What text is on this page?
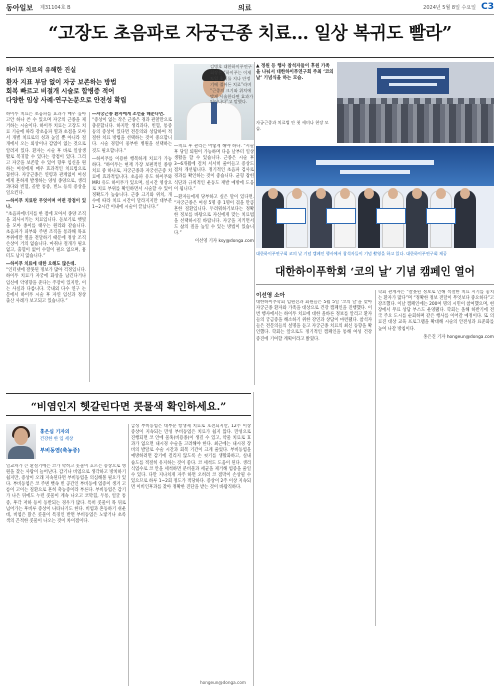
동아일보 제31104호 B	의료	2024년 5월 8일 수요일 C3
“고장도 초음파로 자궁근종 치료… 일상 복귀도 빨라”
하이푸 치료의 유해한 진실
환자 지표 부담 없이 자궁 보존하는 방법
회복 빠르고 비절개 시술로 합병증 적어
다양한 임상 사례·연구논문으로 안전성 확립

하이푸 치료는 초음파를 효과가 매우 높아 고안 하나 쓴 수 있으며 자궁의 근종을 제거하는 시술이다. 하이푸 치료는 고장도 치료 기술에 따라 강초음파 열과 초점을 모아서 개별 치료로의 성과 높일 뿐 아니라 절개에서 오는 외상이나 감염이 없는 것으로 알려져 있다. 환자는 시술 후 바로 일상생활로 복귀할 수 있다는 장점이 있다. 그리고 자궁을 보존할 수 있어 향후 임신을 원하는 여성에게 매우 효과적인 치료법으로 꼽힌다. 자궁근종은 연령과 관계없이 여성에게 흔하게 발생하는 양성 종양으로, 생리과다와 빈혈, 골반 통증, 빈뇨 등의 증상을 일으킨다.

―하이푸 치료란 무엇이며 어떤 장점이 있나.

“초음파에너지를 한 점에 모아서 종양 조직을 괴사시키는 치료입니다. 돋보기로 햇빛을 모아 종이를 태우는 원리와 같습니다. 초음파가 피부와 주변 조직을 통과해 목표 부위에만 열을 전달하기 때문에 정상 조직 손상이 거의 없습니다. 마취나 절개가 필요 없고, 출혈이 없어 수혈이 필요 없으며, 흉터도 남지 않습니다.”

―하이푸 치료에 대한 오해도 많은데.

“인터넷에 잘못된 정보가 많아 걱정입니다. 하이푸 치료가 자궁에 화상을 남긴다거나 임신에 악영향을 준다는 주장이 있지만, 이는 사실과 다릅니다. 국내외 다수 연구 논문에서 하이푸 시술 후 자연 임신과 정상 출산 사례가 보고되고 있습니다.”

―자궁근종 환자에게 조언을 해준다면.

“증상이 없는 작은 근종은 경과 관찰만으로 충분합니다. 하지만 생리과다, 빈혈, 통증 등의 증상이 있다면 전문의와 상담하여 적절한 치료 방법을 선택하는 것이 중요합니다. 시술 경험이 풍부한 병원을 선택하는 것도 필요합니다.”

―하이푸를 이용한 행복하게 치료가 가능하다. “하이푸는 현재 가장 보편적인 종양 치료 중 하나로, 자궁근종과 자궁선근증 치료에 효과적입니다. 초음파 유도 하이푸와 MRI 유도 하이푸가 있으며, 실시간 영상으로 치료 부위를 확인하면서 시술할 수 있어 정확도가 높습니다. 근종 크기와 위치, 개수에 따라 치료 시간이 달라지지만 대부분 1~2시간 이내에 시술이 끝납니다.”

김병호 대한하이푸연구회장은 “하이푸는 이제 도입 초기를 지나 안정기에 접어든 치료”라며 “근종의 크기와 위치에 맞게 시술한다면 효과가 뛰어나다”고 말했다.

―치료 후 관리는 어떻게 해야 하나. “시술 후 당일 퇴원이 가능하며 다음 날부터 일상생활을 할 수 있습니다. 근종은 시술 후 3~6개월에 걸쳐 서서히 줄어들고 증상도 점차 개선됩니다. 정기적인 초음파 검사로 경과를 확인하는 것이 좋습니다. 균형 잡힌 식단과 규칙적인 운동도 재발 예방에 도움이 됩니다.”

―환자들에게 당부하고 싶은 말이 있다면. “자궁근종은 여성 5명 중 1명이 겪을 만큼 흔한 질환입니다. 두려워하기보다는 정확한 정보를 바탕으로 자신에게 맞는 치료법을 선택하시길 바랍니다. 자궁을 지키면서도 삶의 질을 높일 수 있는 방법이 있습니다.”

이선영 기자 ksy@donga.com

▲ 정원 등 행사 참석자들이 후원 가족을 나눠서 대한하이푸연구회 주최 ‘코의 날’ 기념식을 하는 모습.
자궁근종과 치료법 안 첫 세미나 현장 모습.
대한하이푸연구회 코의 날 기념 캠페인 행사에서 참석자들이 기념 촬영을 하고 있다. 대한하이푸연구회 제공
대한하이푸학회 ‘코의 날’ 기념 캠페인 열어
이선영 소아

대한하이푸학회 임원진과 회원들은 5월 5일 ‘코의 날’을 맞아 자궁근종 환자와 가족을 대상으로 건강 캠페인을 진행했다. 이번 행사에서는 하이푸 치료에 대한 올바른 정보를 알리고 환자들의 궁금증을 해소하기 위한 강연과 상담이 마련됐다. 참석자들은 전문의들의 설명을 듣고 자궁근종 치료의 최신 동향을 확인했다. 학회는 앞으로도 정기적인 캠페인을 통해 여성 건강 증진에 기여할 계획이라고 밝혔다.

학회 관계자는 “잘못된 정보로 인해 적절한 치료 시기를 놓치는 환자가 많다”며 “정확한 정보 전달이 무엇보다 중요하다”고 강조했다. 이날 캠페인에는 200여 명의 시민이 참여했으며, 현장에서 무료 상담 부스도 운영됐다. 학회는 올해 하반기에 전국 주요 도시를 순회하며 같은 행사를 이어갈 예정이다. 또 의료진 대상 교육 프로그램을 확대해 시술의 안전성과 표준화를 높여 나갈 방침이다.

홍은진 기자 hongeun@donga.com

“비염인지 헷갈린다면 콧물색 확인하세요.”
홍은심 기자의
건강한 한 입 세상
부비동염(축농증)

일교차가 큰 환절기에는 코가 막히고 콧물이 흐르는 증상으로 병원을 찾는 사람이 늘어난다. 감기나 비염으로 생각하고 방치하기 쉽지만, 증상이 오래 지속된다면 부비동염을 의심해볼 필요가 있다. 부비동염은 코 주변 뼛속 빈 공간인 부비동에 염증이 생겨 고름이 고이는 질환으로 흔히 축농증이라 부른다. 부비동염은 감기가 나은 뒤에도 누런 콧물이 계속 나오고 코막힘, 두통, 얼굴 통증, 후각 저하 등이 동반되는 경우가 많다. 특히 콧물이 목 뒤로 넘어가는 후비루 증상이 나타나기도 한다. 비염과 혼동하기 쉬운데, 비염은 맑은 콧물이 특징인 반면 부비동염은 노랗거나 초록색의 끈적한 콧물이 나오는 것이 차이점이다.

급성 부비동염은 대부분 항생제 치료로 호전되지만, 12주 이상 증상이 지속되는 만성 부비동염은 치료가 쉽지 않다. 만성으로 진행되면 코 안에 물혹(비용종)이 생길 수 있고, 약물 치료로 효과가 없으면 내시경 수술을 고려해야 한다. 최근에는 내시경 장비의 발달로 수술 시간과 회복 기간이 크게 줄었다. 부비동염을 예방하려면 감기에 걸리지 않도록 손 씻기를 생활화하고, 실내 습도를 적절히 유지하는 것이 좋다. 코 세척도 도움이 된다. 생리식염수로 코 안을 세척하면 분비물과 세균을 제거해 염증을 줄일 수 있다. 다만 지나치게 자주 하면 오히려 코 점막이 손상될 수 있으므로 하루 1~2회 정도가 적당하다. 증상이 2주 이상 지속되면 이비인후과를 찾아 정확한 진단을 받는 것이 바람직하다.

hongeun@donga.com
